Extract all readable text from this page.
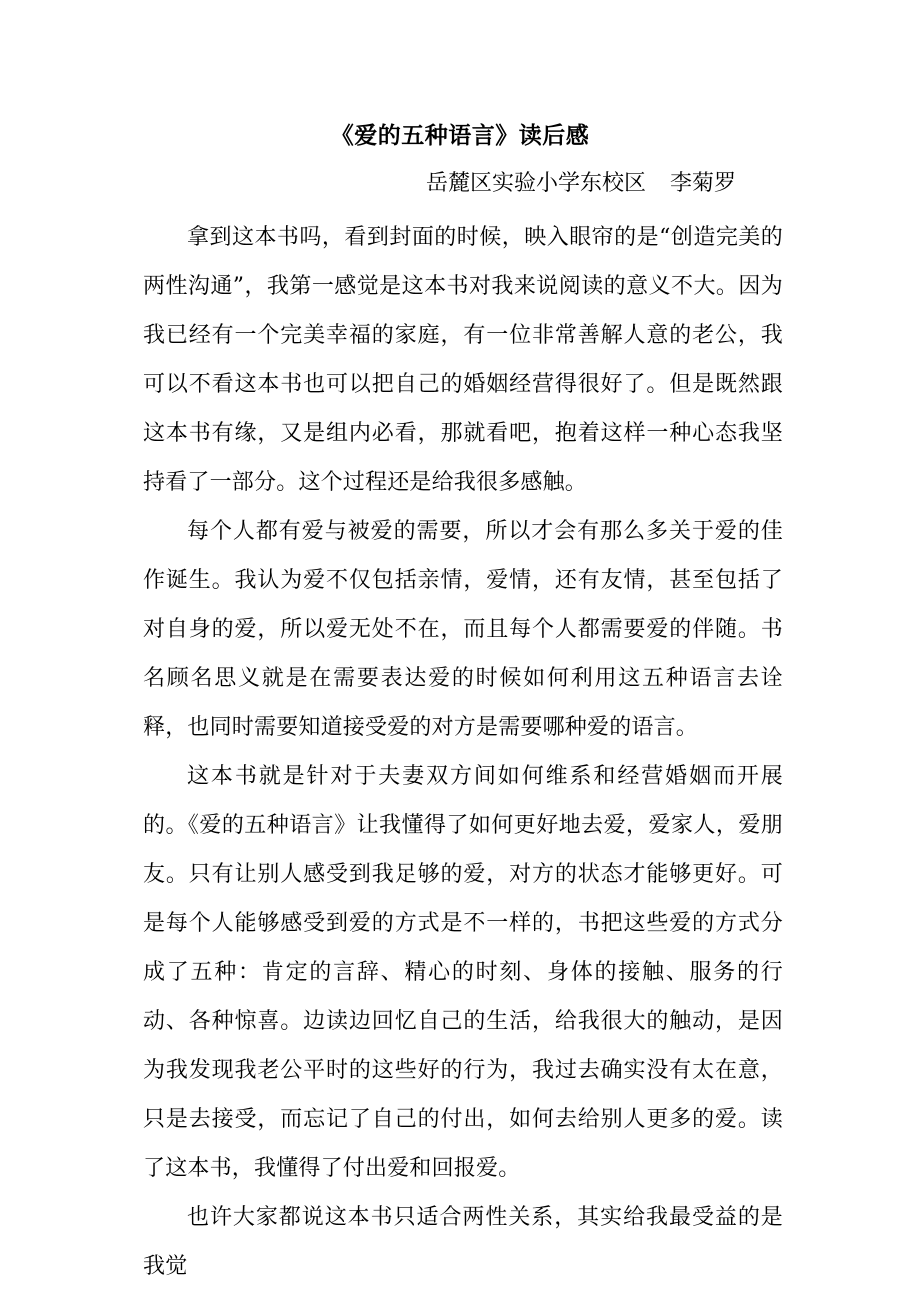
《爱的五种语言》读后感
岳麓区实验小学东校区 李菊罗

拿到这本书吗，看到封面的时候，映入眼帘的是“创造完美的两性沟通”，我第一感觉是这本书对我来说阅读的意义不大。因为我已经有一个完美幸福的家庭，有一位非常善解人意的老公，我可以不看这本书也可以把自己的婚姻经营得很好了。但是既然跟这本书有缘，又是组内必看，那就看吧，抱着这样一种心态我坚持看了一部分。这个过程还是给我很多感触。

每个人都有爱与被爱的需要，所以才会有那么多关于爱的佳作诞生。我认为爱不仅包括亲情，爱情，还有友情，甚至包括了对自身的爱，所以爱无处不在，而且每个人都需要爱的伴随。书名顾名思义就是在需要表达爱的时候如何利用这五种语言去诠释，也同时需要知道接受爱的对方是需要哪种爱的语言。

这本书就是针对于夫妻双方间如何维系和经营婚姻而开展的。《爱的五种语言》让我懂得了如何更好地去爱，爱家人，爱朋友。只有让别人感受到我足够的爱，对方的状态才能够更好。可是每个人能够感受到爱的方式是不一样的，书把这些爱的方式分成了五种：肯定的言辞、精心的时刻、身体的接触、服务的行动、各种惊喜。边读边回忆自己的生活，给我很大的触动，是因为我发现我老公平时的这些好的行为，我过去确实没有太在意，只是去接受，而忘记了自己的付出，如何去给别人更多的爱。读了这本书，我懂得了付出爱和回报爱。

也许大家都说这本书只适合两性关系，其实给我最受益的是我觉
